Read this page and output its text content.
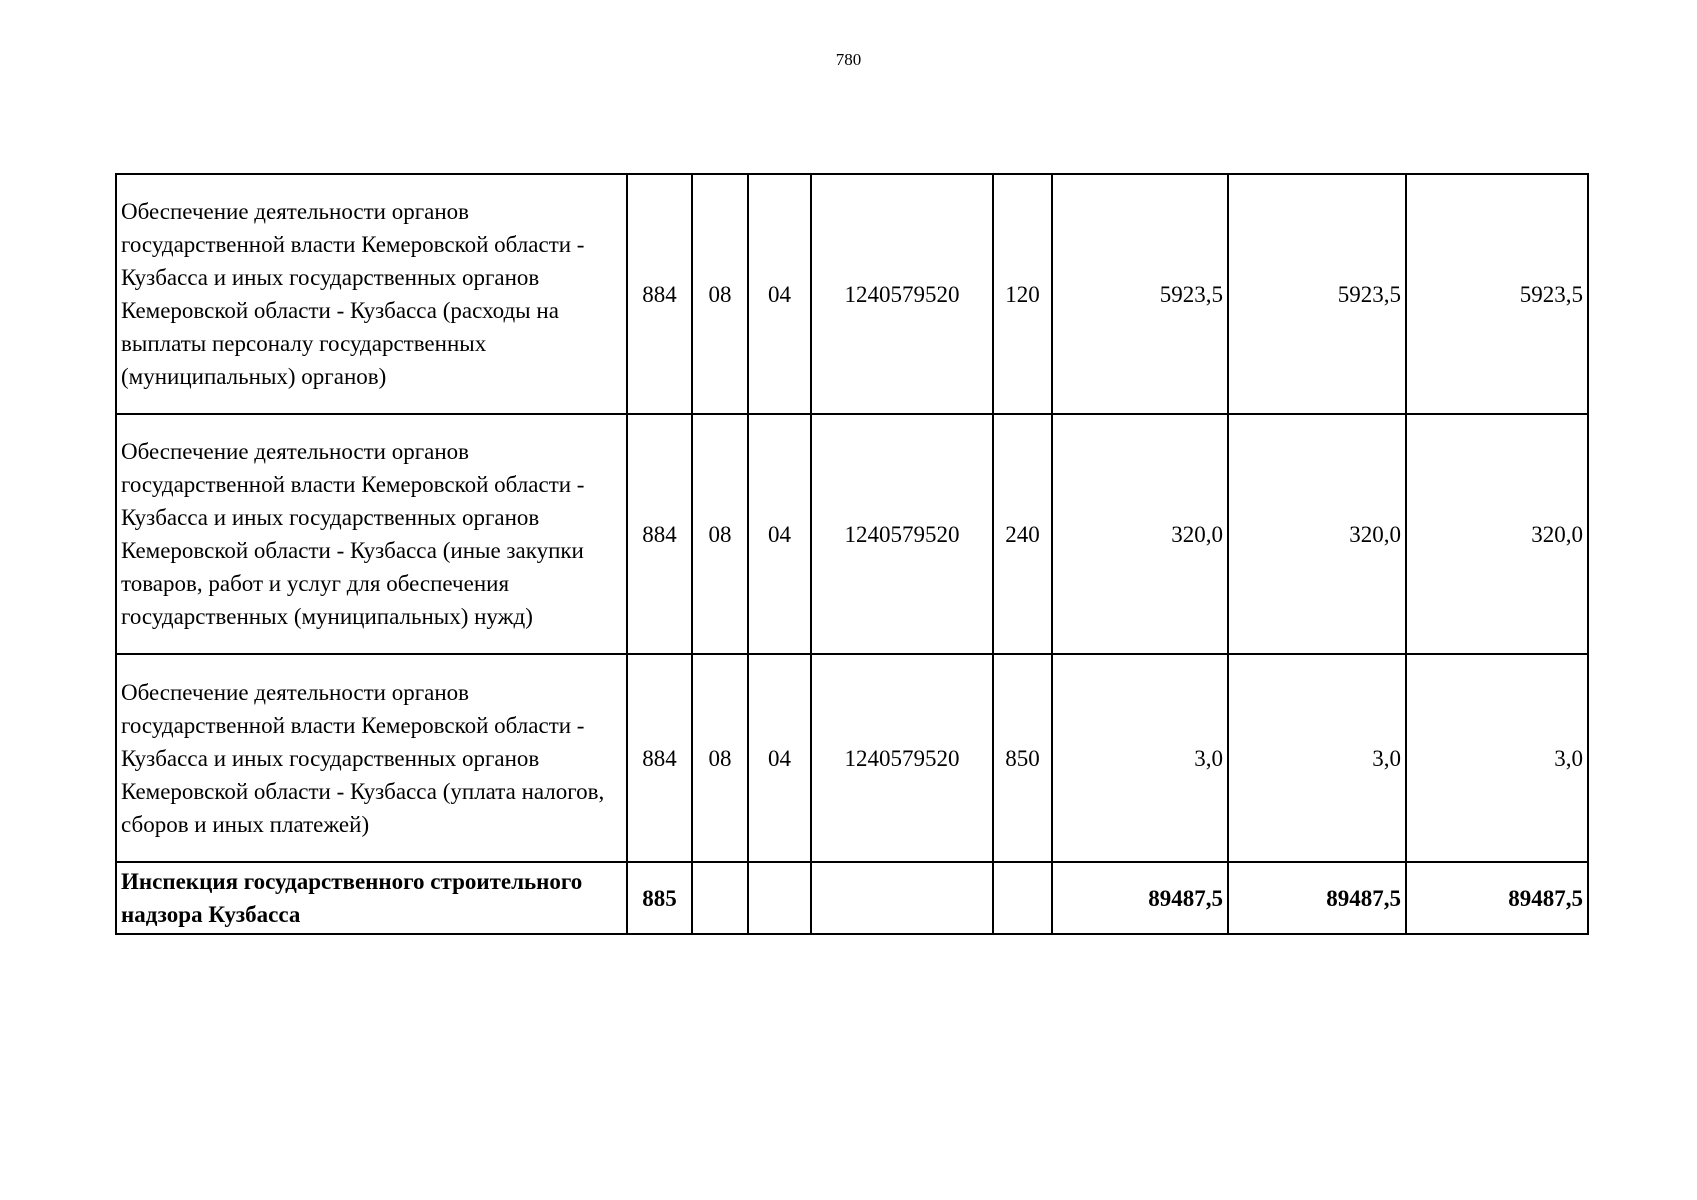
780
Обеспечение деятельности органов государственной власти Кемеровской области - Кузбасса и иных государственных органов Кемеровской области - Кузбасса (расходы на выплаты персоналу государственных (муниципальных) органов)	884	08	04	1240579520	120	5923,5	5923,5	5923,5
Обеспечение деятельности органов государственной власти Кемеровской области - Кузбасса и иных государственных органов Кемеровской области - Кузбасса (иные закупки товаров, работ и услуг для обеспечения государственных (муниципальных) нужд)	884	08	04	1240579520	240	320,0	320,0	320,0
Обеспечение деятельности органов государственной власти Кемеровской области - Кузбасса и иных государственных органов Кемеровской области - Кузбасса (уплата налогов, сборов и иных платежей)	884	08	04	1240579520	850	3,0	3,0	3,0
Инспекция государственного строительного надзора Кузбасса	885					89487,5	89487,5	89487,5
